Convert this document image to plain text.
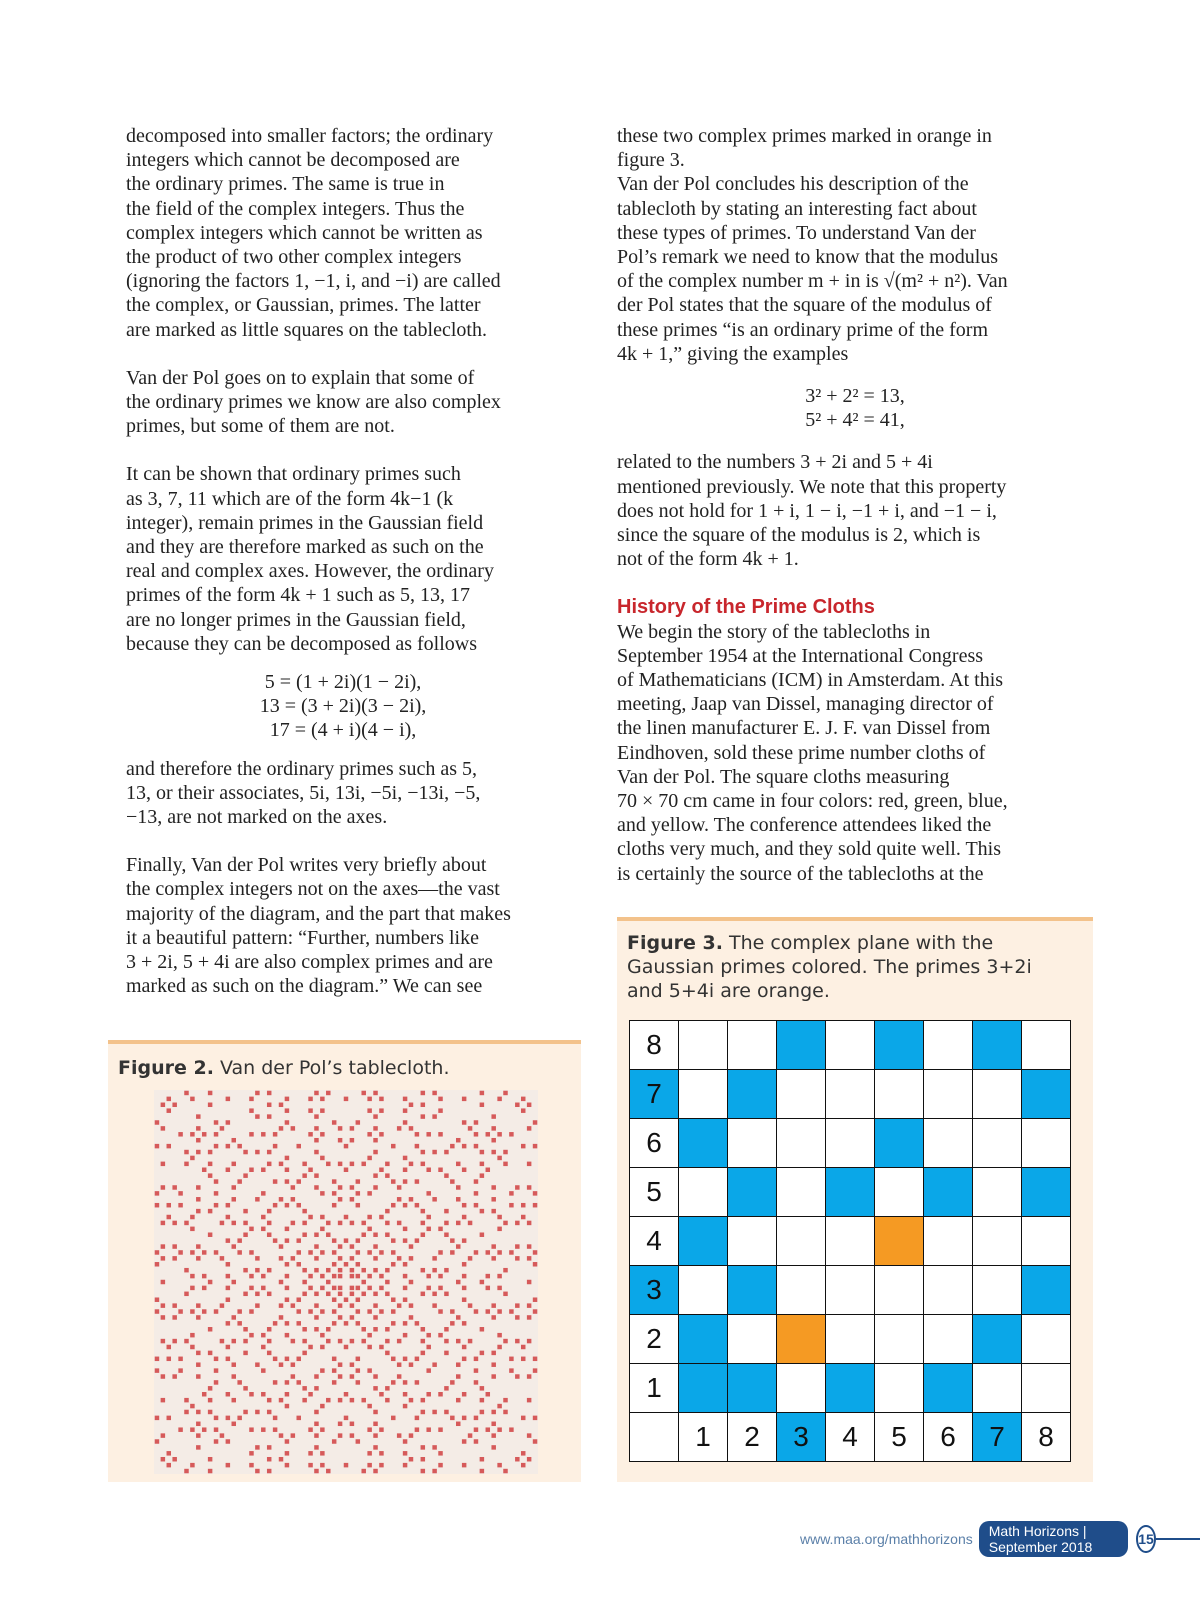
decomposed into smaller factors; the ordinary
integers which cannot be decomposed are
the ordinary primes. The same is true in
the field of the complex integers. Thus the
complex integers which cannot be written as
the product of two other complex integers
(ignoring the factors 1, −1, i, and −i) are called
the complex, or Gaussian, primes. The latter
are marked as little squares on the tablecloth.
Van der Pol goes on to explain that some of
the ordinary primes we know are also complex
primes, but some of them are not.
It can be shown that ordinary primes such
as 3, 7, 11 which are of the form 4k−1 (k
integer), remain primes in the Gaussian field
and they are therefore marked as such on the
real and complex axes. However, the ordinary
primes of the form 4k + 1 such as 5, 13, 17
are no longer primes in the Gaussian field,
because they can be decomposed as follows
5 = (1 + 2i)(1 − 2i),
13 = (3 + 2i)(3 − 2i),
17 = (4 + i)(4 − i),
and therefore the ordinary primes such as 5,
13, or their associates, 5i, 13i, −5i, −13i, −5,
−13, are not marked on the axes.
Finally, Van der Pol writes very briefly about
the complex integers not on the axes—the vast
majority of the diagram, and the part that makes
it a beautiful pattern: “Further, numbers like
3 + 2i, 5 + 4i are also complex primes and are
marked as such on the diagram.” We can see
these two complex primes marked in orange in
figure 3.
Van der Pol concludes his description of the
tablecloth by stating an interesting fact about
these types of primes. To understand Van der
Pol’s remark we need to know that the modulus
of the complex number m + in is √(m² + n²). Van
der Pol states that the square of the modulus of
these primes “is an ordinary prime of the form
4k + 1,” giving the examples
3² + 2² = 13,
5² + 4² = 41,
related to the numbers 3 + 2i and 5 + 4i
mentioned previously. We note that this property
does not hold for 1 + i, 1 − i, −1 + i, and −1 − i,
since the square of the modulus is 2, which is
not of the form 4k + 1.
History of the Prime Cloths
We begin the story of the tablecloths in
September 1954 at the International Congress
of Mathematicians (ICM) in Amsterdam. At this
meeting, Jaap van Dissel, managing director of
the linen manufacturer E. J. F. van Dissel from
Eindhoven, sold these prime number cloths of
Van der Pol. The square cloths measuring
70 × 70 cm came in four colors: red, green, blue,
and yellow. The conference attendees liked the
cloths very much, and they sold quite well. This
is certainly the source of the tablecloths at the
Figure 2. Van der Pol’s tablecloth.
Figure 3. The complex plane with the
Gaussian primes colored. The primes 3+2i
and 5+4i are orange.
8
7
6
5
4
3
2
1
1	2	3	4	5	6	7	8
www.maa.org/mathhorizons	Math Horizons | September 2018	15
